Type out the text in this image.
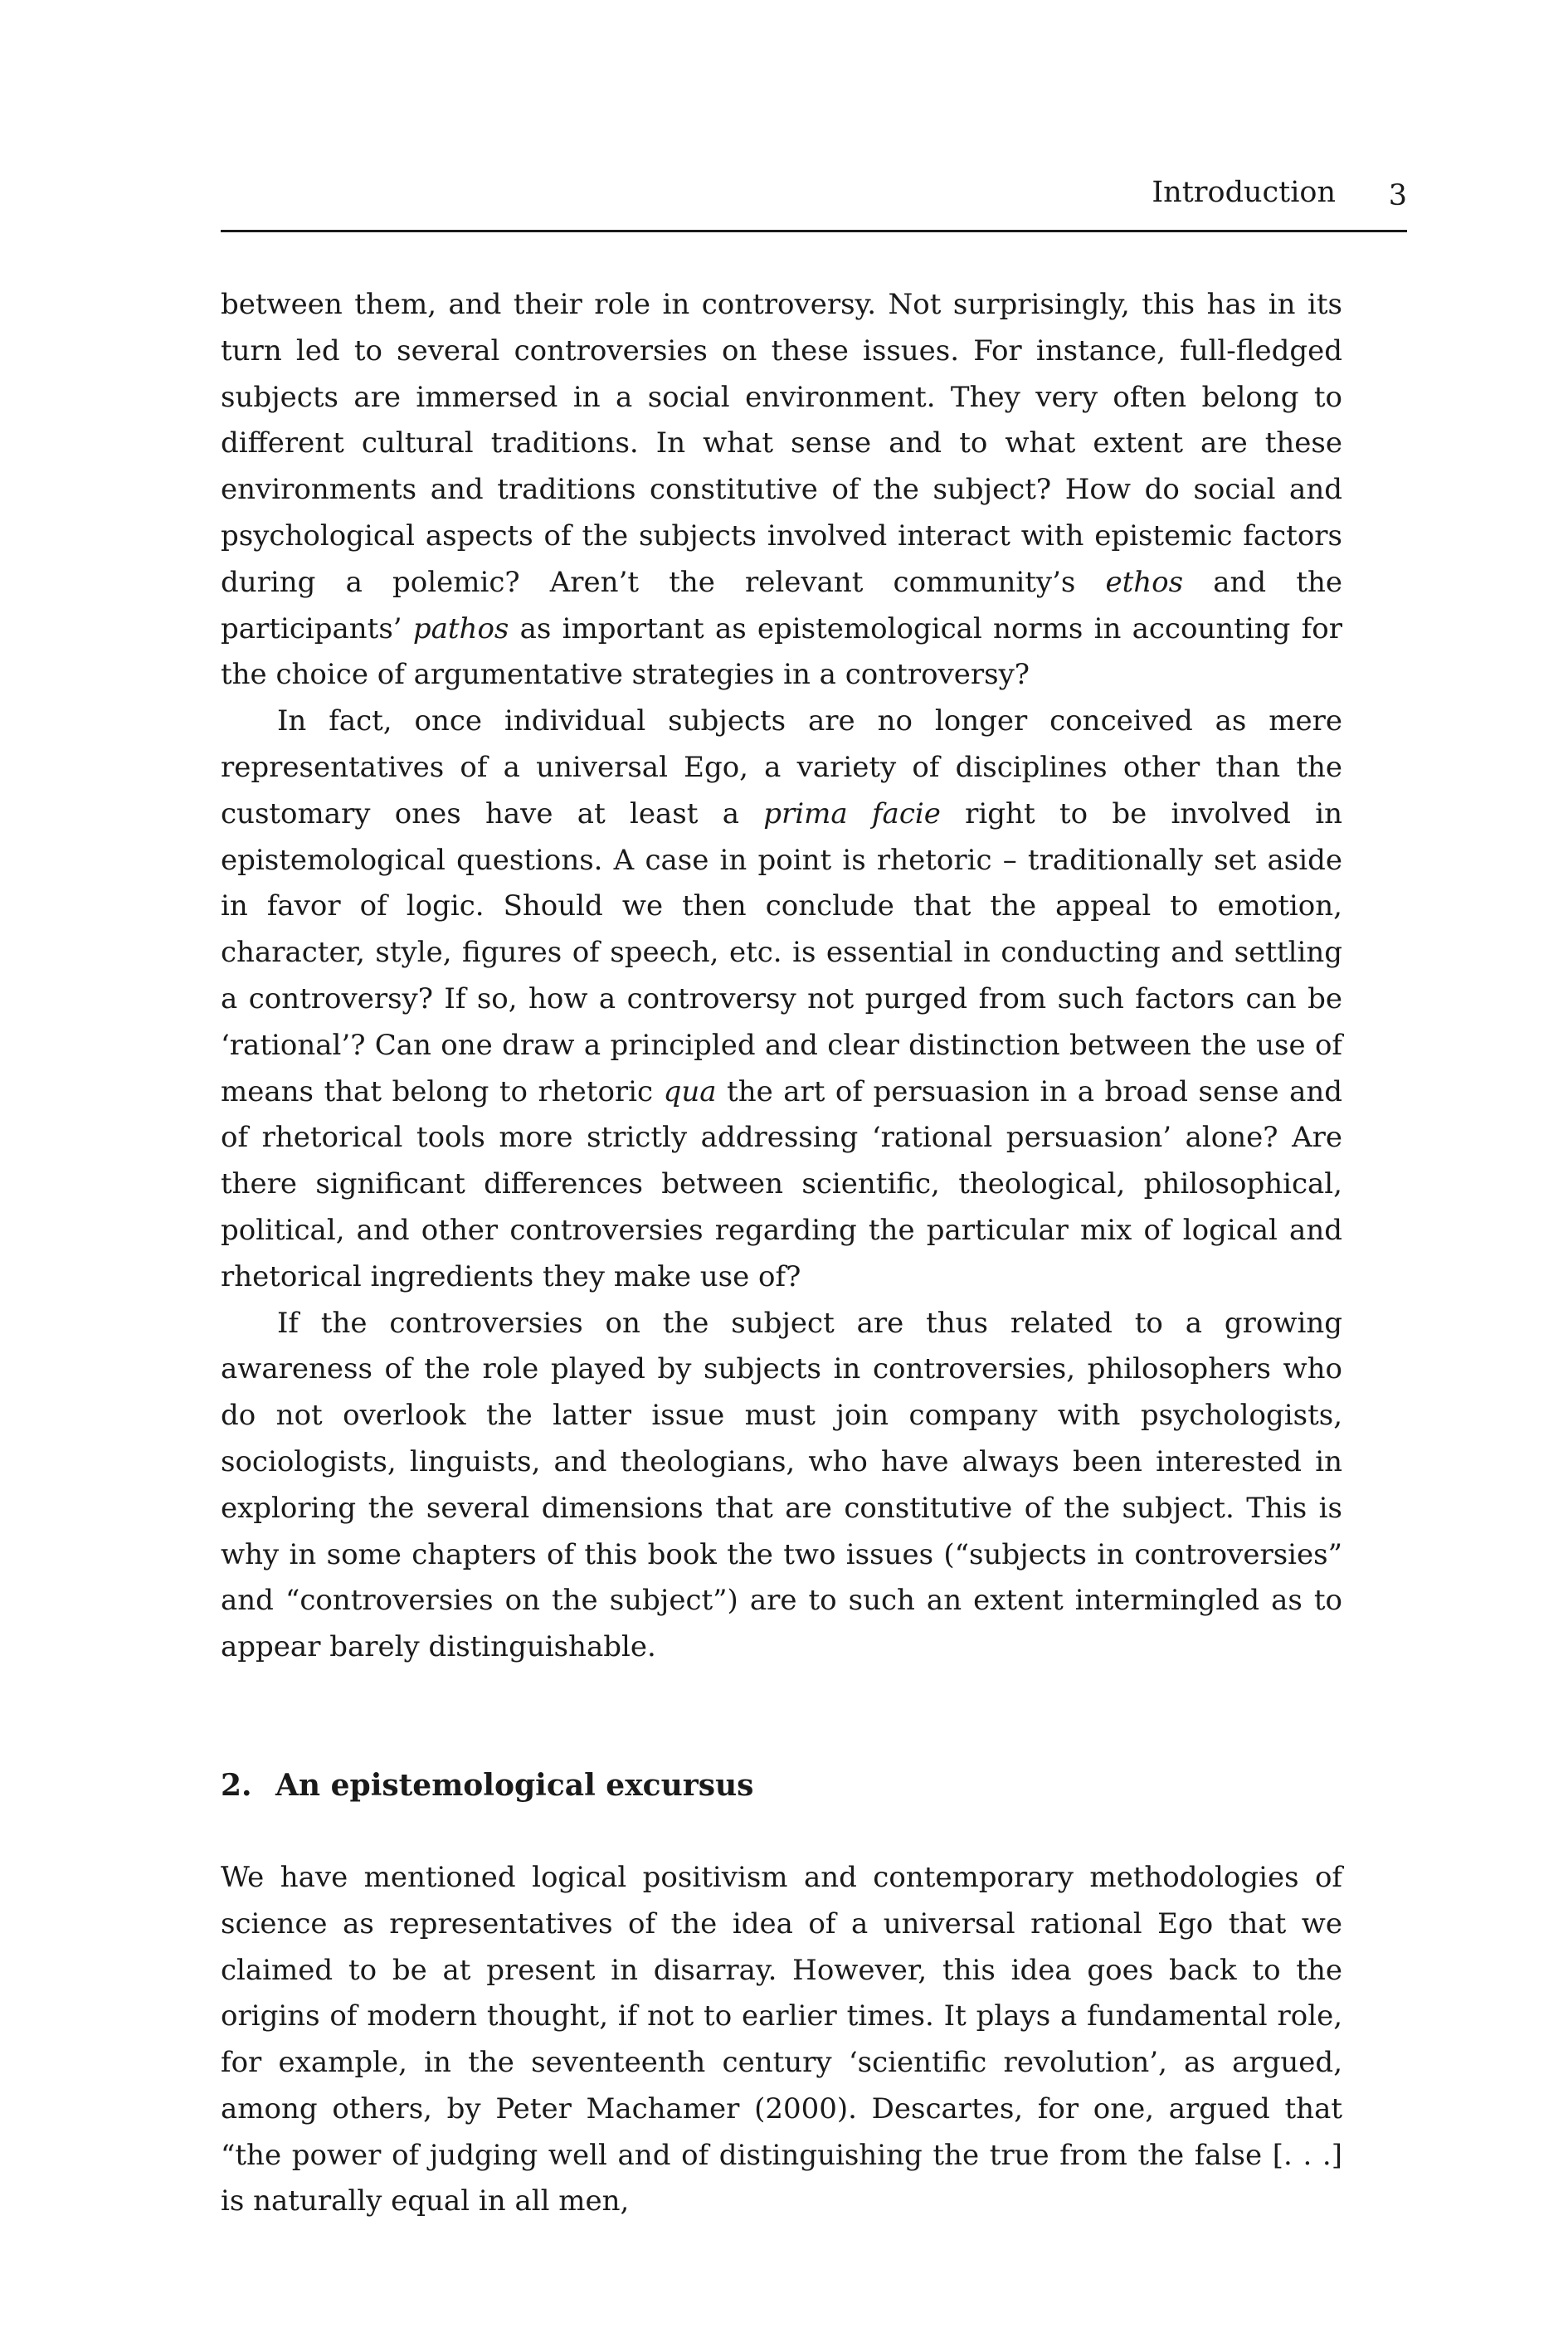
Introduction 3

between them, and their role in controversy. Not surprisingly, this has in its turn led to several controversies on these issues. For instance, full-fledged subjects are immersed in a social environment. They very often belong to different cultural traditions. In what sense and to what extent are these environments and traditions constitutive of the subject? How do social and psychological aspects of the subjects involved interact with epistemic factors during a polemic? Aren’t the relevant community’s ethos and the participants’ pathos as important as epistemological norms in accounting for the choice of argumentative strategies in a controversy?

In fact, once individual subjects are no longer conceived as mere representatives of a universal Ego, a variety of disciplines other than the customary ones have at least a prima facie right to be involved in epistemological questions. A case in point is rhetoric – traditionally set aside in favor of logic. Should we then conclude that the appeal to emotion, character, style, figures of speech, etc. is essential in conducting and settling a controversy? If so, how a controversy not purged from such factors can be ‘rational’? Can one draw a principled and clear distinction between the use of means that belong to rhetoric qua the art of persuasion in a broad sense and of rhetorical tools more strictly addressing ‘rational persuasion’ alone? Are there significant differences between scientific, theological, philosophical, political, and other controversies regarding the particular mix of logical and rhetorical ingredients they make use of?

If the controversies on the subject are thus related to a growing awareness of the role played by subjects in controversies, philosophers who do not overlook the latter issue must join company with psychologists, sociologists, linguists, and theologians, who have always been interested in exploring the several dimensions that are constitutive of the subject. This is why in some chapters of this book the two issues (“subjects in controversies” and “controversies on the subject”) are to such an extent intermingled as to appear barely distinguishable.

2. An epistemological excursus

We have mentioned logical positivism and contemporary methodologies of science as representatives of the idea of a universal rational Ego that we claimed to be at present in disarray. However, this idea goes back to the origins of modern thought, if not to earlier times. It plays a fundamental role, for example, in the seventeenth century ‘scientific revolution’, as argued, among others, by Peter Machamer (2000). Descartes, for one, argued that “the power of judging well and of distinguishing the true from the false [. . .] is naturally equal in all men,
